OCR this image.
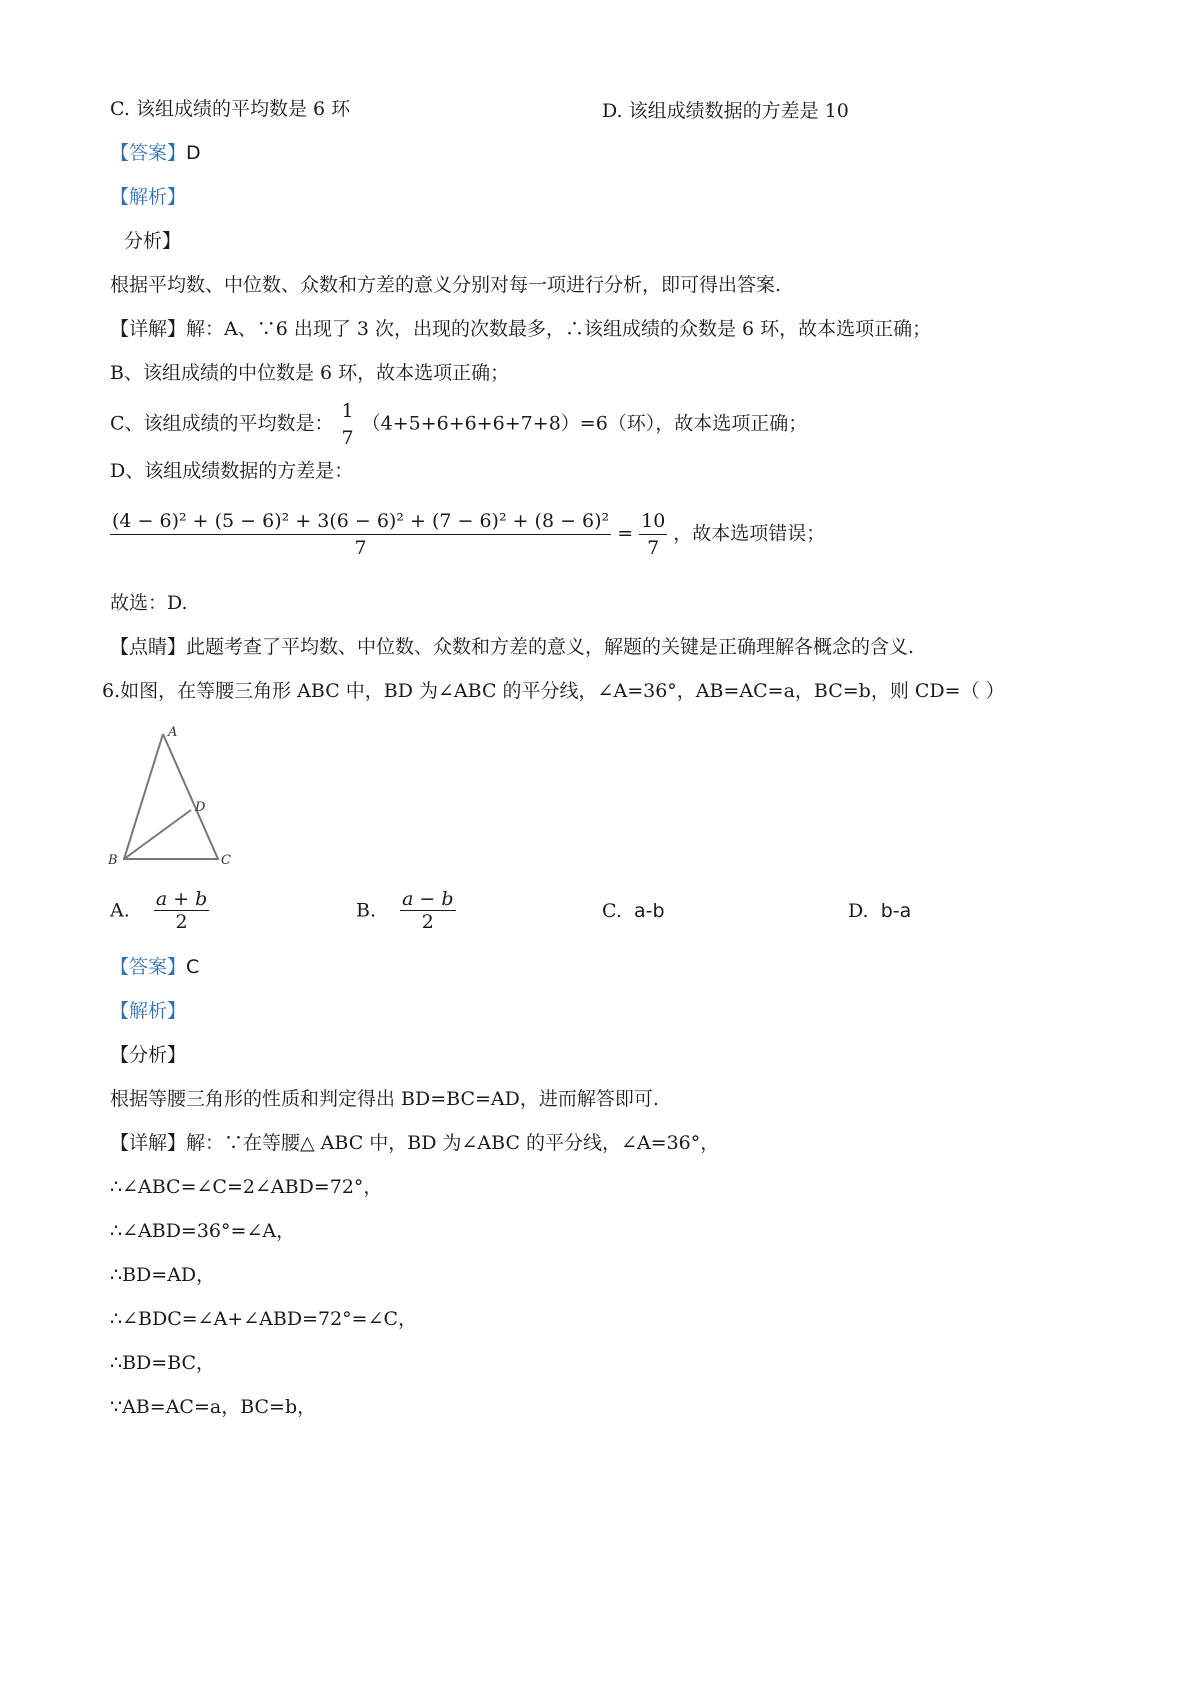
C. 该组成绩的平均数是 6 环	D. 该组成绩数据的方差是 10
【答案】D
【解析】
分析】
根据平均数、中位数、众数和方差的意义分别对每一项进行分析，即可得出答案.
【详解】解：A、∵6 出现了 3 次，出现的次数最多，∴该组成绩的众数是 6 环，故本选项正确；
B、该组成绩的中位数是 6 环，故本选项正确；
C、该组成绩的平均数是： $\frac{1}{7} (4+5+6+6+6+7+8)=6$（环），故本选项正确；
D、该组成绩数据的方差是：
$\frac{\text{(4 − 6)² + (5 − 6)² + 3(6 − 6)² + (7 − 6)² + (8 − 6)²}}{7} = \frac{10}{7}$ ，故本选项错误；
故选：D.
【点睛】此题考查了平均数、中位数、众数和方差的意义，解题的关键是正确理解各概念的含义.
6.如图，在等腰三角形 ABC 中，BD 为∠ABC 的平分线，∠A=36°，AB=AC=a，BC=b，则 CD=（ ）
A
D
B	C
A. $\frac{a + b}{2}$	B. $\frac{a - b}{2}$	C. a-b	D. b-a
【答案】C
【解析】
【分析】
根据等腰三角形的性质和判定得出 BD=BC=AD，进而解答即可.
【详解】解：∵在等腰△ ABC 中，BD 为∠ABC 的平分线，∠A=36°，
∴∠ABC=∠C=2∠ABD=72°，
∴∠ABD=36°=∠A，
∴BD=AD，
∴∠BDC=∠A+∠ABD=72°=∠C，
∴BD=BC，
∵AB=AC=a，BC=b，
